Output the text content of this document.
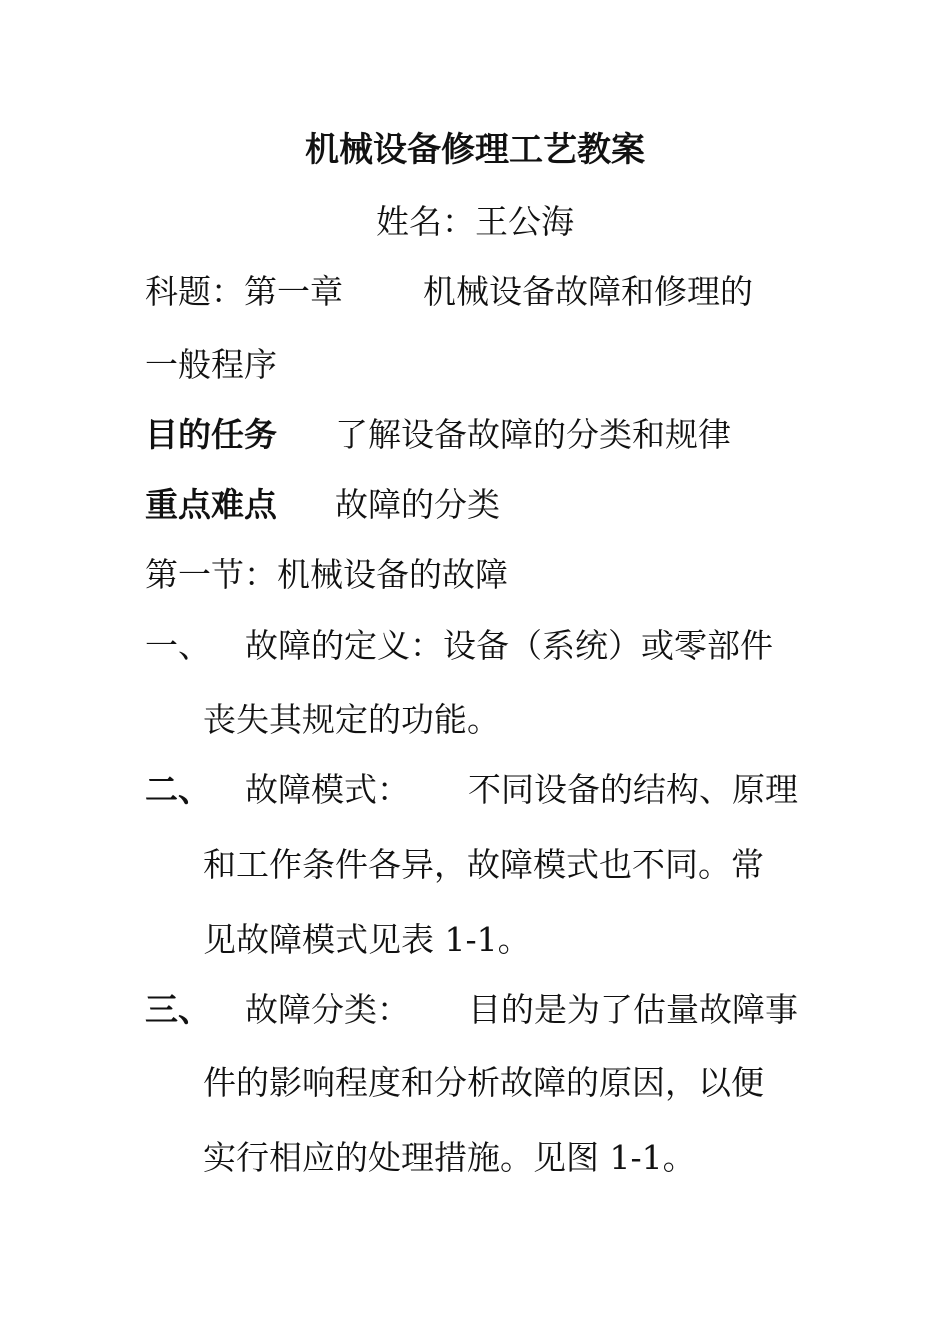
机械设备修理工艺教案
姓名：王公海
科题：第一章 机械设备故障和修理的
一般程序
目的任务 了解设备故障的分类和规律
重点难点 故障的分类
第一节：机械设备的故障
一、 故障的定义：设备（系统）或零部件
丧失其规定的功能。
二、 故障模式： 不同设备的结构、原理
和工作条件各异，故障模式也不同。常
见故障模式见表 1-1。
三、 故障分类： 目的是为了估量故障事
件的影响程度和分析故障的原因，以便
实行相应的处理措施。见图 1-1。
